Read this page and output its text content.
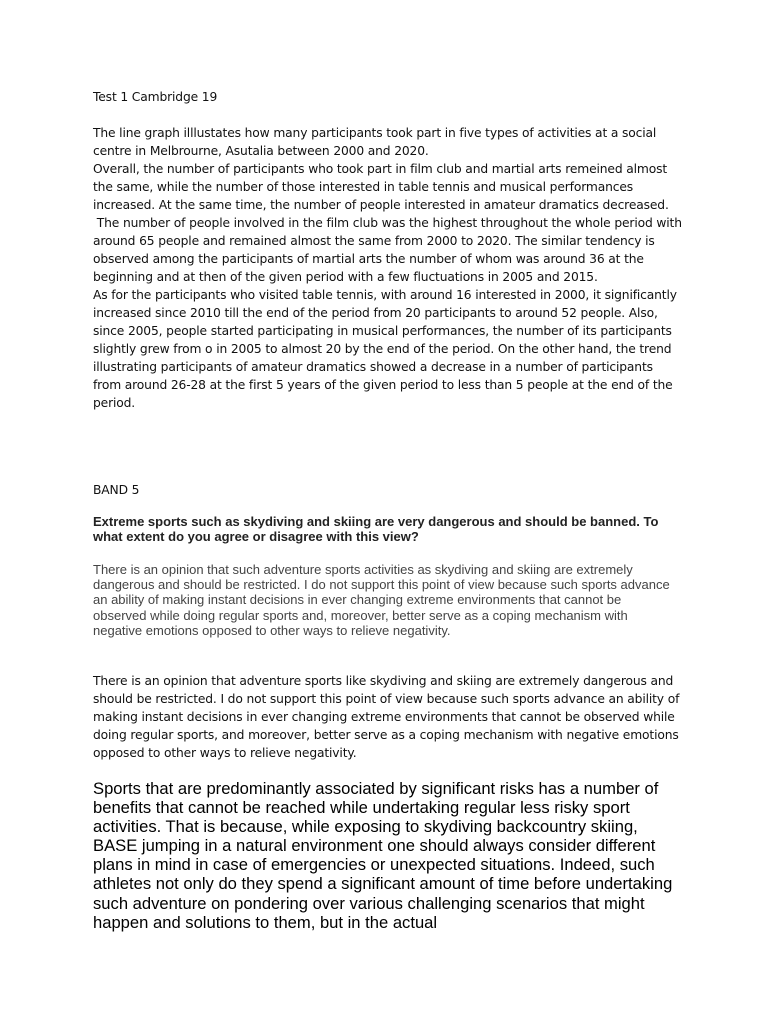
Test 1 Cambridge 19

The line graph illlustates how many participants took part in five types of activities at a social centre in Melbrourne, Asutalia between 2000 and 2020.

Overall, the number of participants who took part in film club and martial arts remeined almost the same, while the number of those interested in table tennis and musical performances increased. At the same time, the number of people interested in amateur dramatics decreased.

The number of people involved in the film club was the highest throughout the whole period with around 65 people and remained almost the same from 2000 to 2020. The similar tendency is observed among the participants of martial arts the number of whom was around 36 at the beginning and at then of the given period with a few fluctuations in 2005 and 2015.

As for the participants who visited table tennis, with around 16 interested in 2000, it significantly increased since 2010 till the end of the period from 20 participants to around 52 people. Also, since 2005, people started participating in musical performances, the number of its participants slightly grew from o in 2005 to almost 20 by the end of the period. On the other hand, the trend illustrating participants of amateur dramatics showed a decrease in a number of participants from around 26-28 at the first 5 years of the given period to less than 5 people at the end of the period.

BAND 5

Extreme sports such as skydiving and skiing are very dangerous and should be banned. To what extent do you agree or disagree with this view?

There is an opinion that such adventure sports activities as skydiving and skiing are extremely dangerous and should be restricted. I do not support this point of view because such sports advance an ability of making instant decisions in ever changing extreme environments that cannot be observed while doing regular sports and, moreover, better serve as a coping mechanism with negative emotions opposed to other ways to relieve negativity.

There is an opinion that adventure sports like skydiving and skiing are extremely dangerous and should be restricted. I do not support this point of view because such sports advance an ability of making instant decisions in ever changing extreme environments that cannot be observed while doing regular sports, and moreover, better serve as a coping mechanism with negative emotions opposed to other ways to relieve negativity.

Sports that are predominantly associated by significant risks has a number of benefits that cannot be reached while undertaking regular less risky sport activities. That is because, while exposing to skydiving backcountry skiing, BASE jumping in a natural environment one should always consider different plans in mind in case of emergencies or unexpected situations. Indeed, such athletes not only do they spend a significant amount of time before undertaking such adventure on pondering over various challenging scenarios that might happen and solutions to them, but in the actual
